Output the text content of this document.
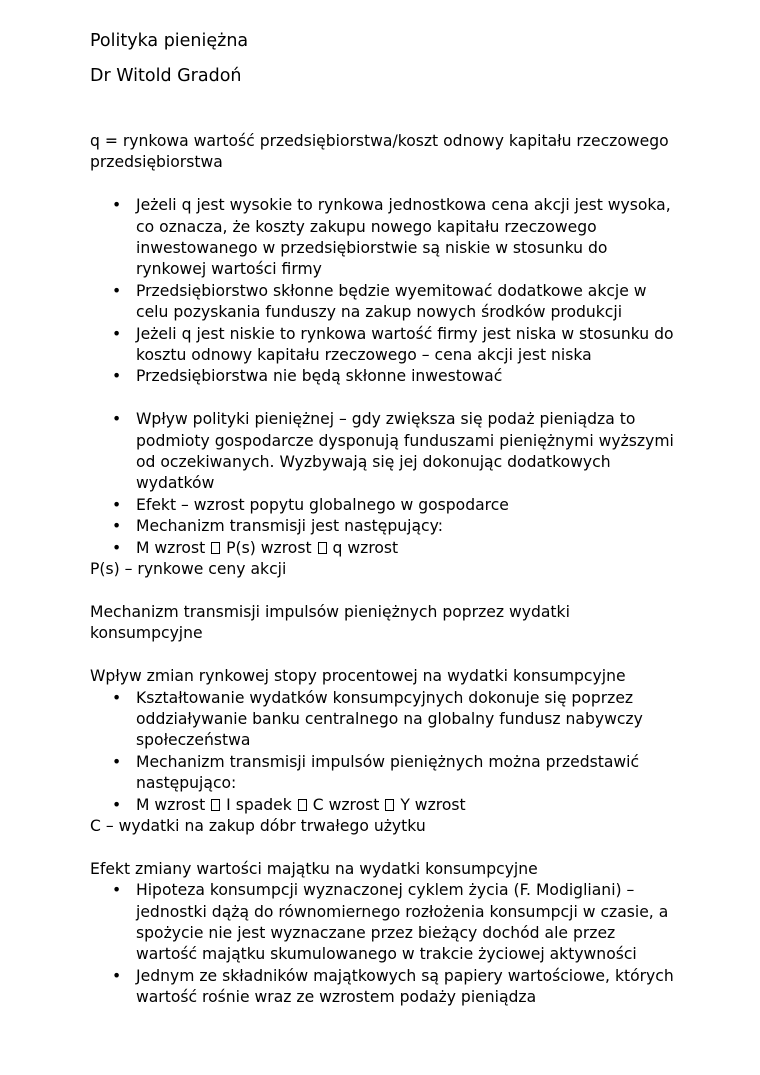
Polityka pieniężna
Dr Witold Gradoń

q = rynkowa wartość przedsiębiorstwa/koszt odnowy kapitału rzeczowego przedsiębiorstwa

• Jeżeli q jest wysokie to rynkowa jednostkowa cena akcji jest wysoka, co oznacza, że koszty zakupu nowego kapitału rzeczowego inwestowanego w przedsiębiorstwie są niskie w stosunku do rynkowej wartości firmy
• Przedsiębiorstwo skłonne będzie wyemitować dodatkowe akcje w celu pozyskania funduszy na zakup nowych środków produkcji
• Jeżeli q jest niskie to rynkowa wartość firmy jest niska w stosunku do kosztu odnowy kapitału rzeczowego – cena akcji jest niska
• Przedsiębiorstwa nie będą skłonne inwestować
• Wpływ polityki pieniężnej – gdy zwiększa się podaż pieniądza to podmioty gospodarcze dysponują funduszami pieniężnymi wyższymi od oczekiwanych. Wyzbywają się jej dokonując dodatkowych wydatków
• Efekt – wzrost popytu globalnego w gospodarce
• Mechanizm transmisji jest następujący:
• M wzrost P(s) wzrost q wzrost

P(s) – rynkowe ceny akcji

Mechanizm transmisji impulsów pieniężnych poprzez wydatki konsumpcyjne

Wpływ zmian rynkowej stopy procentowej na wydatki konsumpcyjne

• Kształtowanie wydatków konsumpcyjnych dokonuje się poprzez oddziaływanie banku centralnego na globalny fundusz nabywczy społeczeństwa
• Mechanizm transmisji impulsów pieniężnych można przedstawić następująco:
• M wzrost I spadek C wzrost Y wzrost

C – wydatki na zakup dóbr trwałego użytku

Efekt zmiany wartości majątku na wydatki konsumpcyjne

• Hipoteza konsumpcji wyznaczonej cyklem życia (F. Modigliani) – jednostki dążą do równomiernego rozłożenia konsumpcji w czasie, a spożycie nie jest wyznaczane przez bieżący dochód ale przez wartość majątku skumulowanego w trakcie życiowej aktywności
• Jednym ze składników majątkowych są papiery wartościowe, których wartość rośnie wraz ze wzrostem podaży pieniądza
